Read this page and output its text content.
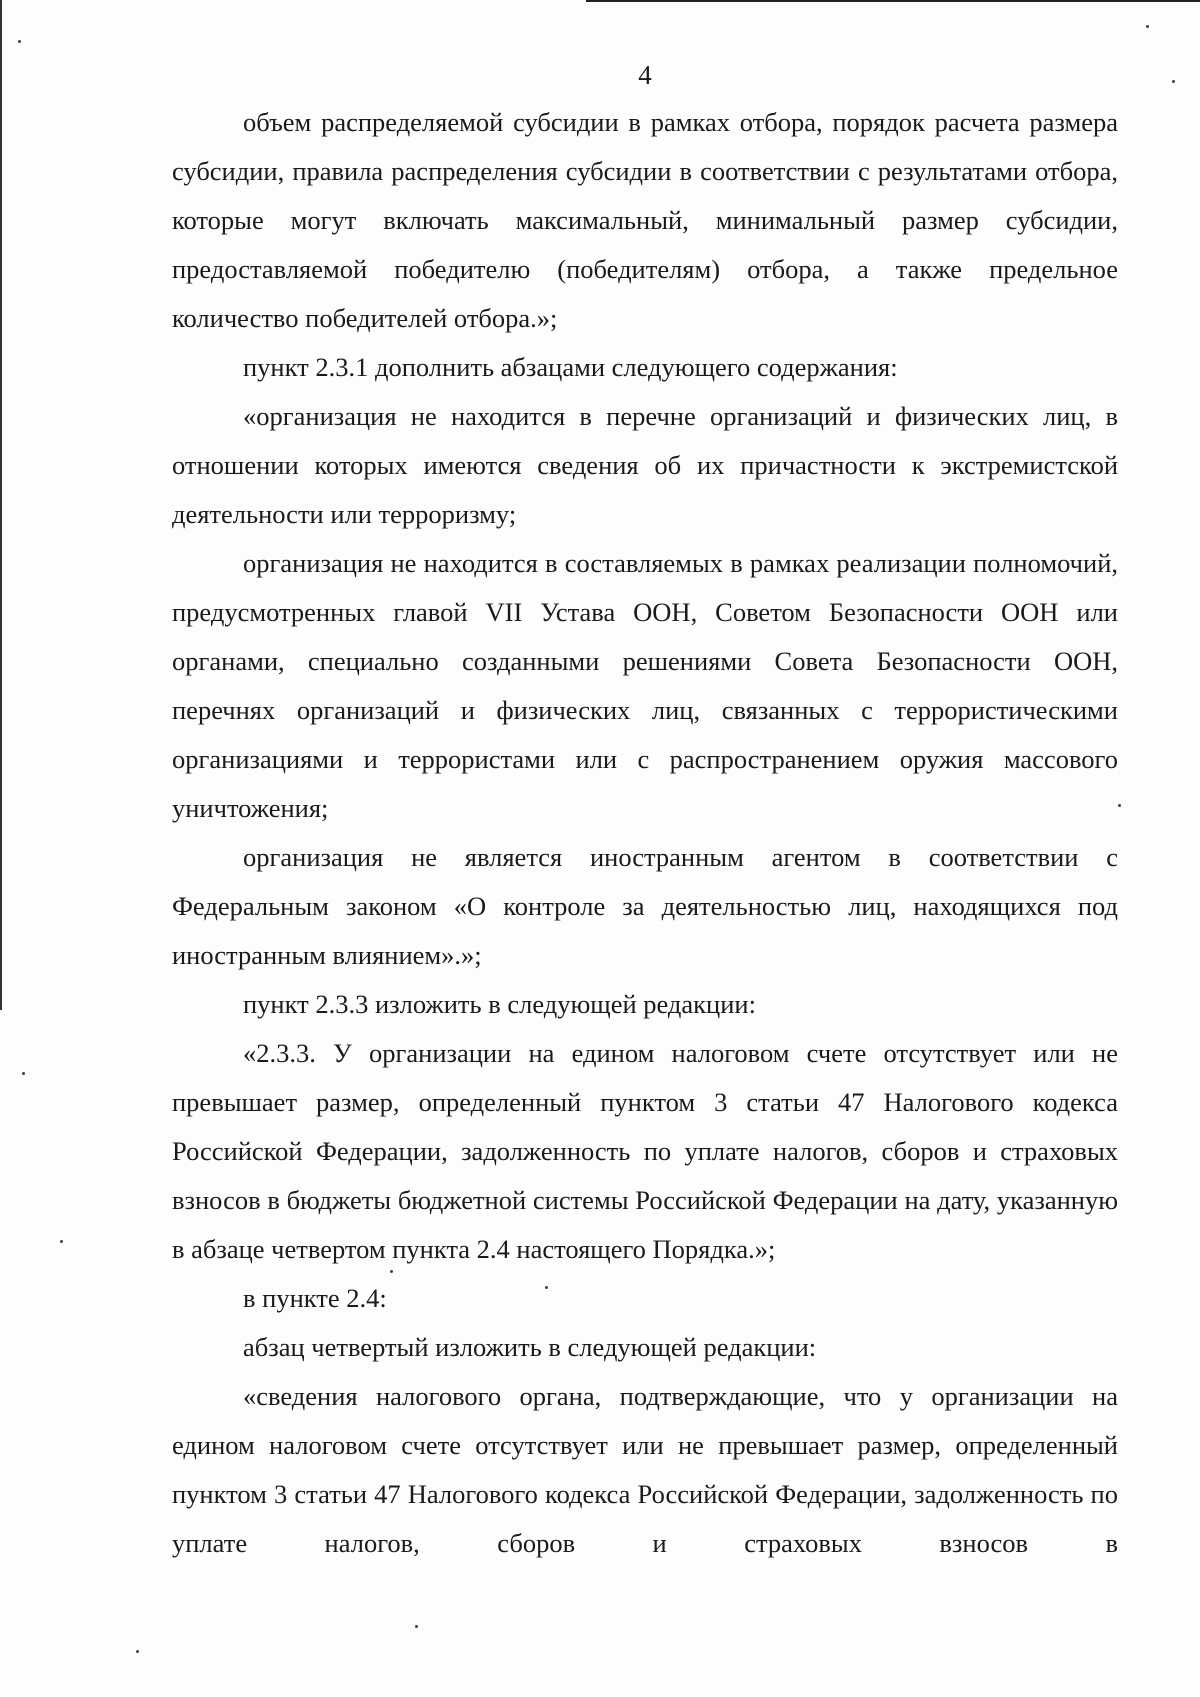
4

объем распределяемой субсидии в рамках отбора, порядок расчета размера субсидии, правила распределения субсидии в соответствии с результатами отбора, которые могут включать максимальный, минимальный размер субсидии, предоставляемой победителю (победителям) отбора, а также предельное количество победителей отбора.»;

пункт 2.3.1 дополнить абзацами следующего содержания:

«организация не находится в перечне организаций и физических лиц, в отношении которых имеются сведения об их причастности к экстремистской деятельности или терроризму;

организация не находится в составляемых в рамках реализации полномочий, предусмотренных главой VII Устава ООН, Советом Безопасности ООН или органами, специально созданными решениями Совета Безопасности ООН, перечнях организаций и физических лиц, связанных с террористическими организациями и террористами или с распространением оружия массового уничтожения;

организация не является иностранным агентом в соответствии с Федеральным законом «О контроле за деятельностью лиц, находящихся под иностранным влиянием».»;

пункт 2.3.3 изложить в следующей редакции:

«2.3.3. У организации на едином налоговом счете отсутствует или не превышает размер, определенный пунктом 3 статьи 47 Налогового кодекса Российской Федерации, задолженность по уплате налогов, сборов и страховых взносов в бюджеты бюджетной системы Российской Федерации на дату, указанную в абзаце четвертом пункта 2.4 настоящего Порядка.»;

в пункте 2.4:

абзац четвертый изложить в следующей редакции:

«сведения налогового органа, подтверждающие, что у организации на едином налоговом счете отсутствует или не превышает размер, определенный пунктом 3 статьи 47 Налогового кодекса Российской Федерации, задолженность по уплате налогов, сборов и страховых взносов в
